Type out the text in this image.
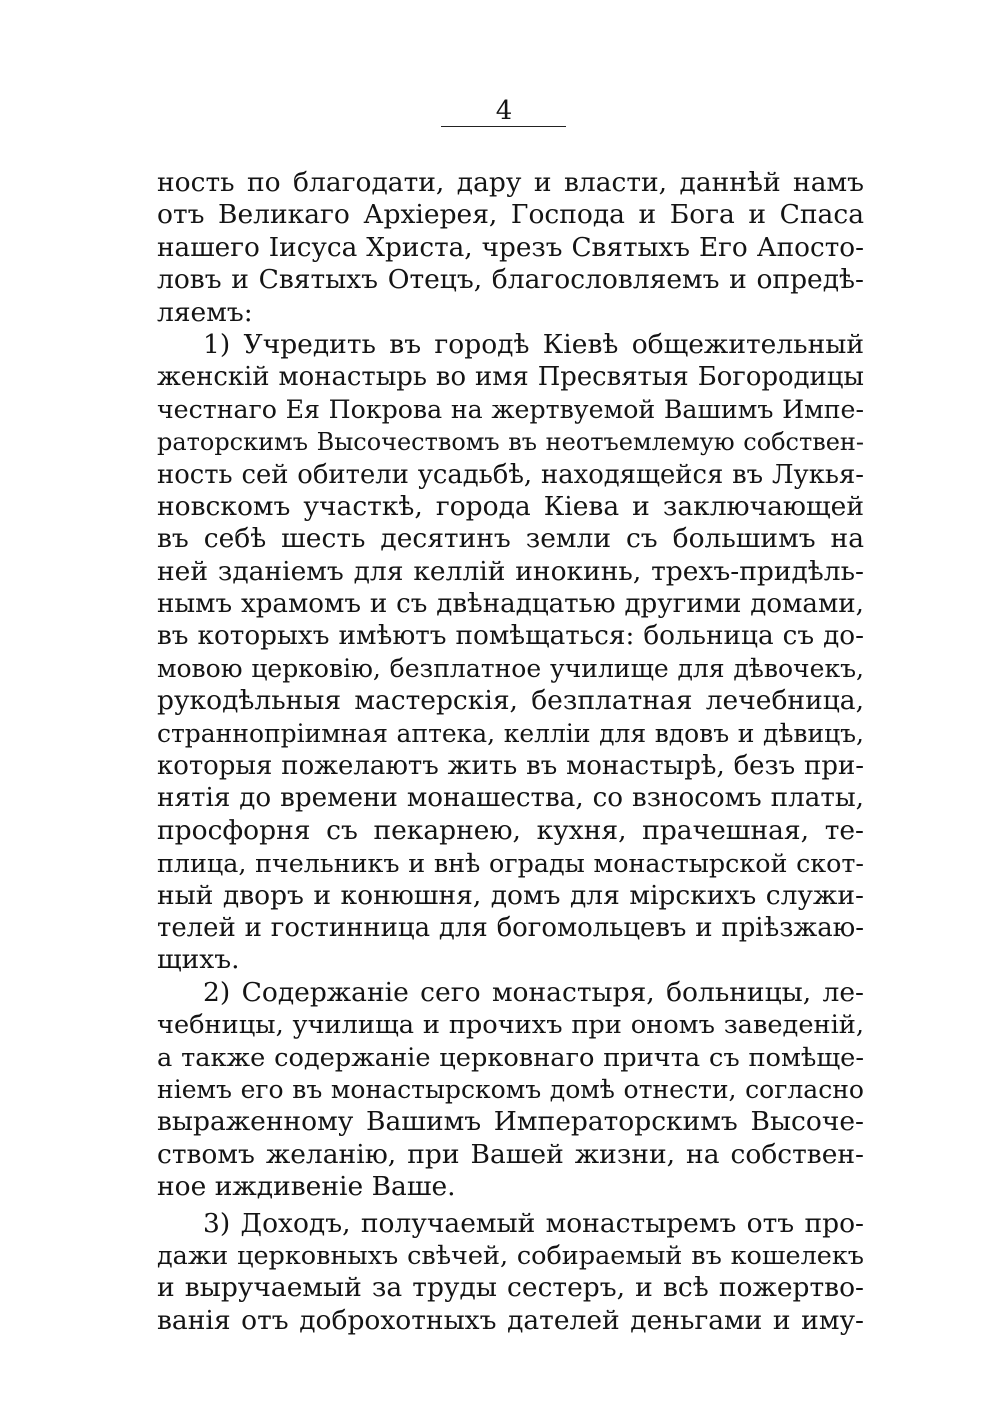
4
ность по благодати, дару и власти, даннѣй намъ
отъ Великаго Архіерея, Господа и Бога и Спаса
нашего Іисуса Христа, чрезъ Святыхъ Его Апосто-
ловъ и Святыхъ Отецъ, благословляемъ и опредѣ-
ляемъ:
1) Учредить въ городѣ Кіевѣ общежительный
женскій монастырь во имя Пресвятыя Богородицы
честнаго Ея Покрова на жертвуемой Вашимъ Импе-
раторскимъ Высочествомъ въ неотъемлемую собствен-
ность сей обители усадьбѣ, находящейся въ Лукья-
новскомъ участкѣ, города Кіева и заключающей
въ себѣ шесть десятинъ земли съ большимъ на
ней зданіемъ для келлій инокинь, трехъ-придѣль-
нымъ храмомъ и съ двѣнадцатью другими домами,
въ которыхъ имѣютъ помѣщаться: больница съ до-
мовою церковію, безплатное училище для дѣвочекъ,
рукодѣльныя мастерскія, безплатная лечебница,
страннопріимная аптека, келліи для вдовъ и дѣвицъ,
которыя пожелаютъ жить въ монастырѣ, безъ при-
нятія до времени монашества, со взносомъ платы,
просфорня съ пекарнею, кухня, прачешная, те-
плица, пчельникъ и внѣ ограды монастырской скот-
ный дворъ и конюшня, домъ для мірскихъ служи-
телей и гостинница для богомольцевъ и пріѣзжаю-
щихъ.
2) Содержаніе сего монастыря, больницы, ле-
чебницы, училища и прочихъ при ономъ заведеній,
а также содержаніе церковнаго причта съ помѣще-
ніемъ его въ монастырскомъ домѣ отнести, согласно
выраженному Вашимъ Императорскимъ Высоче-
ствомъ желанію, при Вашей жизни, на собствен-
ное иждивеніе Ваше.
3) Доходъ, получаемый монастыремъ отъ про-
дажи церковныхъ свѣчей, собираемый въ кошелекъ
и выручаемый за труды сестеръ, и всѣ пожертво-
ванія отъ доброхотныхъ дателей деньгами и иму-
